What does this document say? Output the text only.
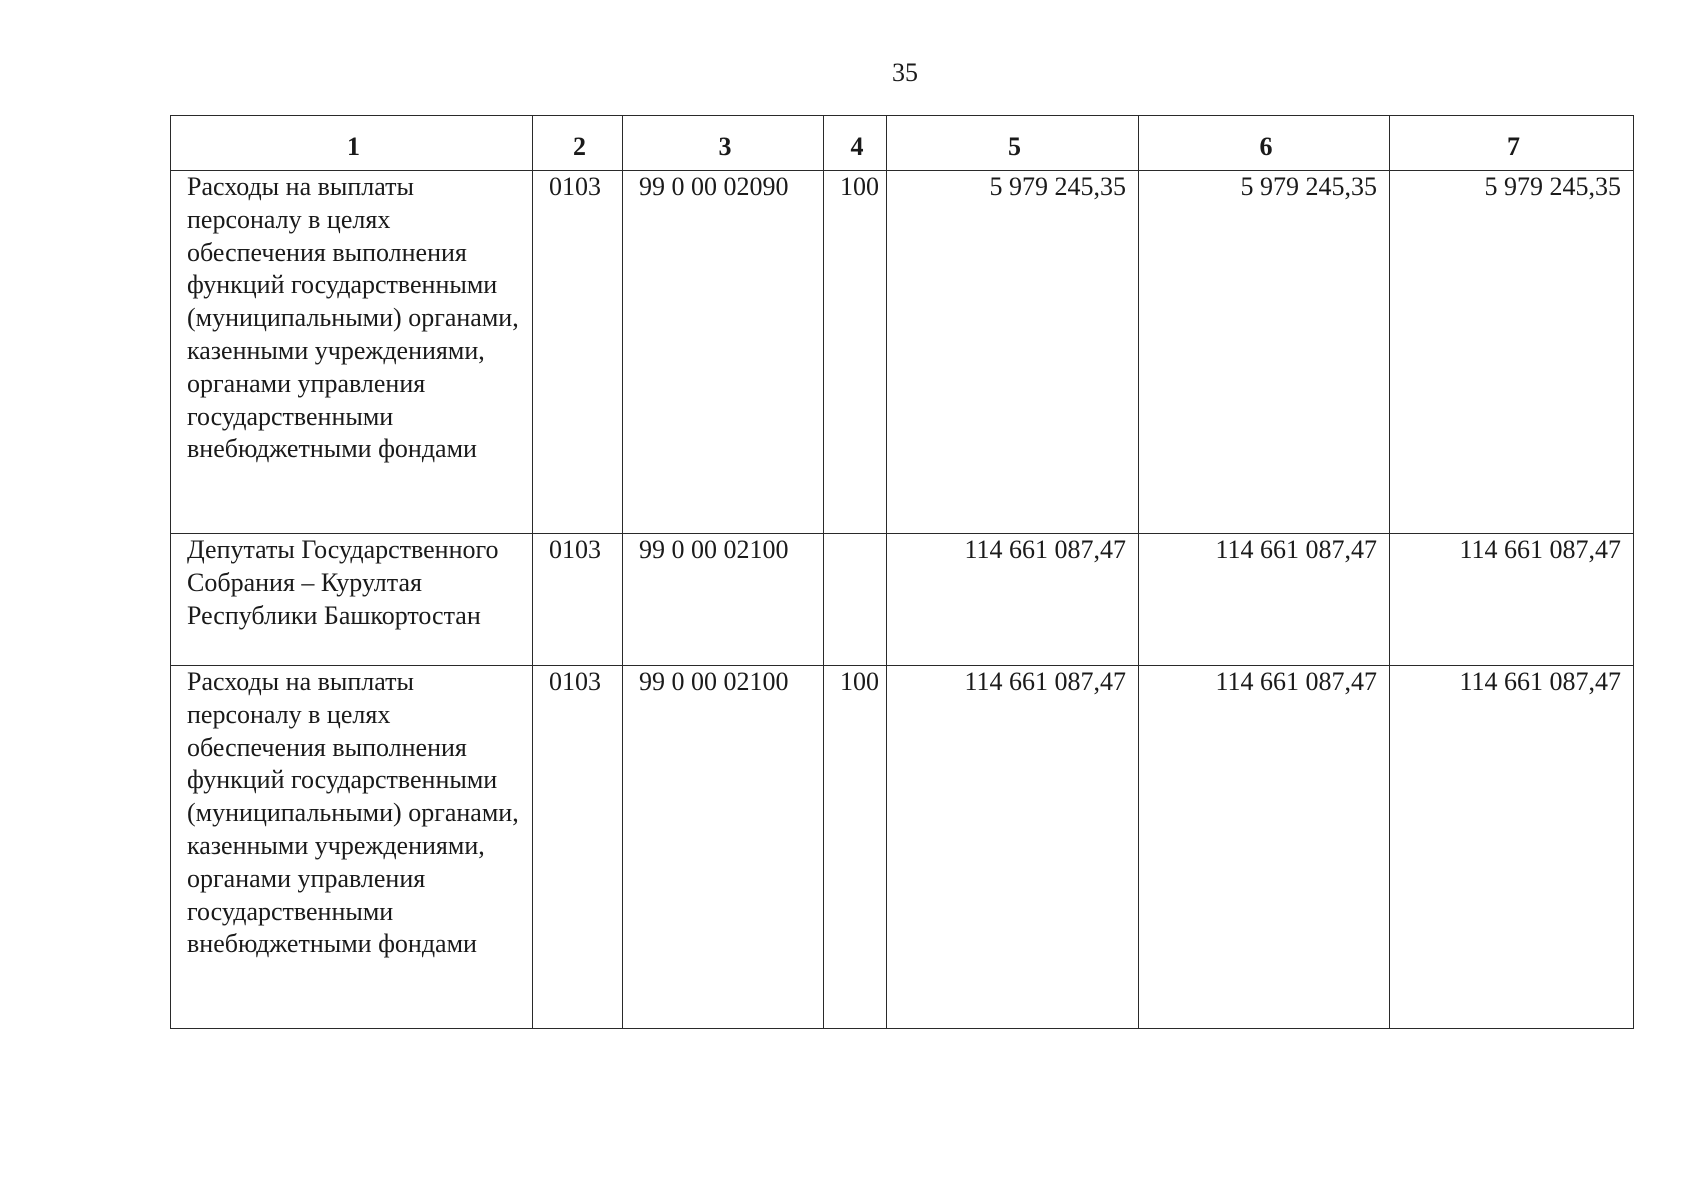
35
1	2	3	4	5	6	7
Расходы на выплаты персоналу в целях обеспечения выполнения функций государственными (муниципальными) органами, казенными учреждениями, органами управления государственными внебюджетными фондами	0103	99 0 00 02090	100	5 979 245,35	5 979 245,35	5 979 245,35
Депутаты Государственного Собрания – Курултая Республики Башкортостан	0103	99 0 00 02100		114 661 087,47	114 661 087,47	114 661 087,47
Расходы на выплаты персоналу в целях обеспечения выполнения функций государственными (муниципальными) органами, казенными учреждениями, органами управления государственными внебюджетными фондами	0103	99 0 00 02100	100	114 661 087,47	114 661 087,47	114 661 087,47
